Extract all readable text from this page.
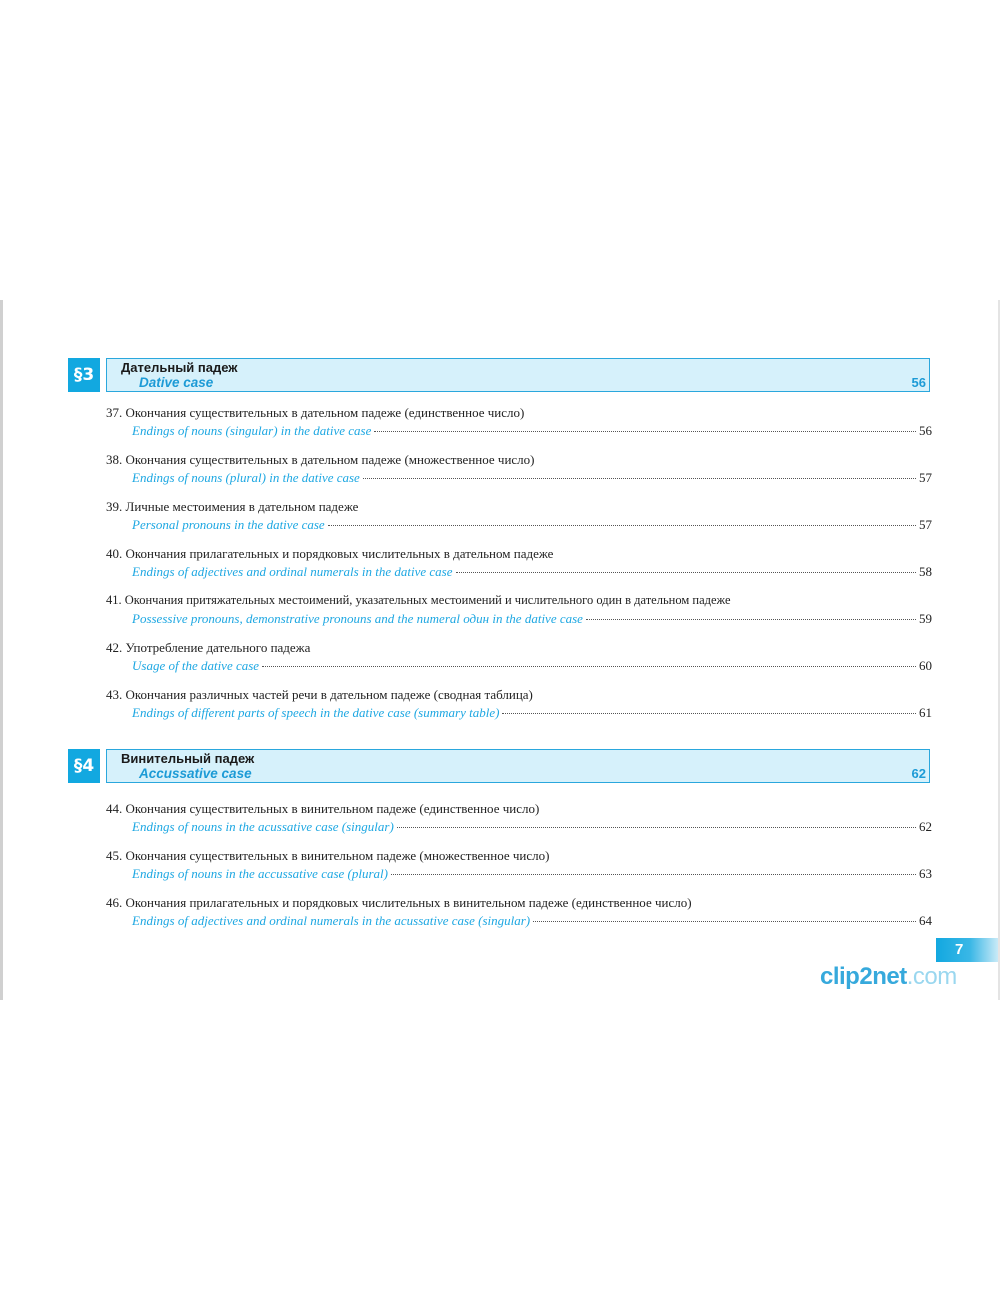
§3	Дательный падеж
Dative case	56
37. Окончания существительных в дательном падеже (единственное число)
Endings of nouns (singular) in the dative case	56
38. Окончания существительных в дательном падеже (множественное число)
Endings of nouns (plural) in the dative case	57
39. Личные местоимения в дательном падеже
Personal pronouns in the dative case	57
40. Окончания прилагательных и порядковых числительных в дательном падеже
Endings of adjectives and ordinal numerals in the dative case	58
41. Окончания притяжательных местоимений, указательных местоимений и числительного один в дательном падеже
Possessive pronouns, demonstrative pronouns and the numeral один in the dative case	59
42. Употребление дательного падежа
Usage of the dative case	60
43. Окончания различных частей речи в дательном падеже (сводная таблица)
Endings of different parts of speech in the dative case (summary table)	61
§4	Винительный падеж
Accussative case	62
44. Окончания существительных в винительном падеже (единственное число)
Endings of nouns in the acussative case (singular)	62
45. Окончания существительных в винительном падеже (множественное число)
Endings of nouns in the accussative case (plural)	63
46. Окончания прилагательных и порядковых числительных в винительном падеже (единственное число)
Endings of adjectives and ordinal numerals in the acussative case (singular)	64
7
clip2net.com
